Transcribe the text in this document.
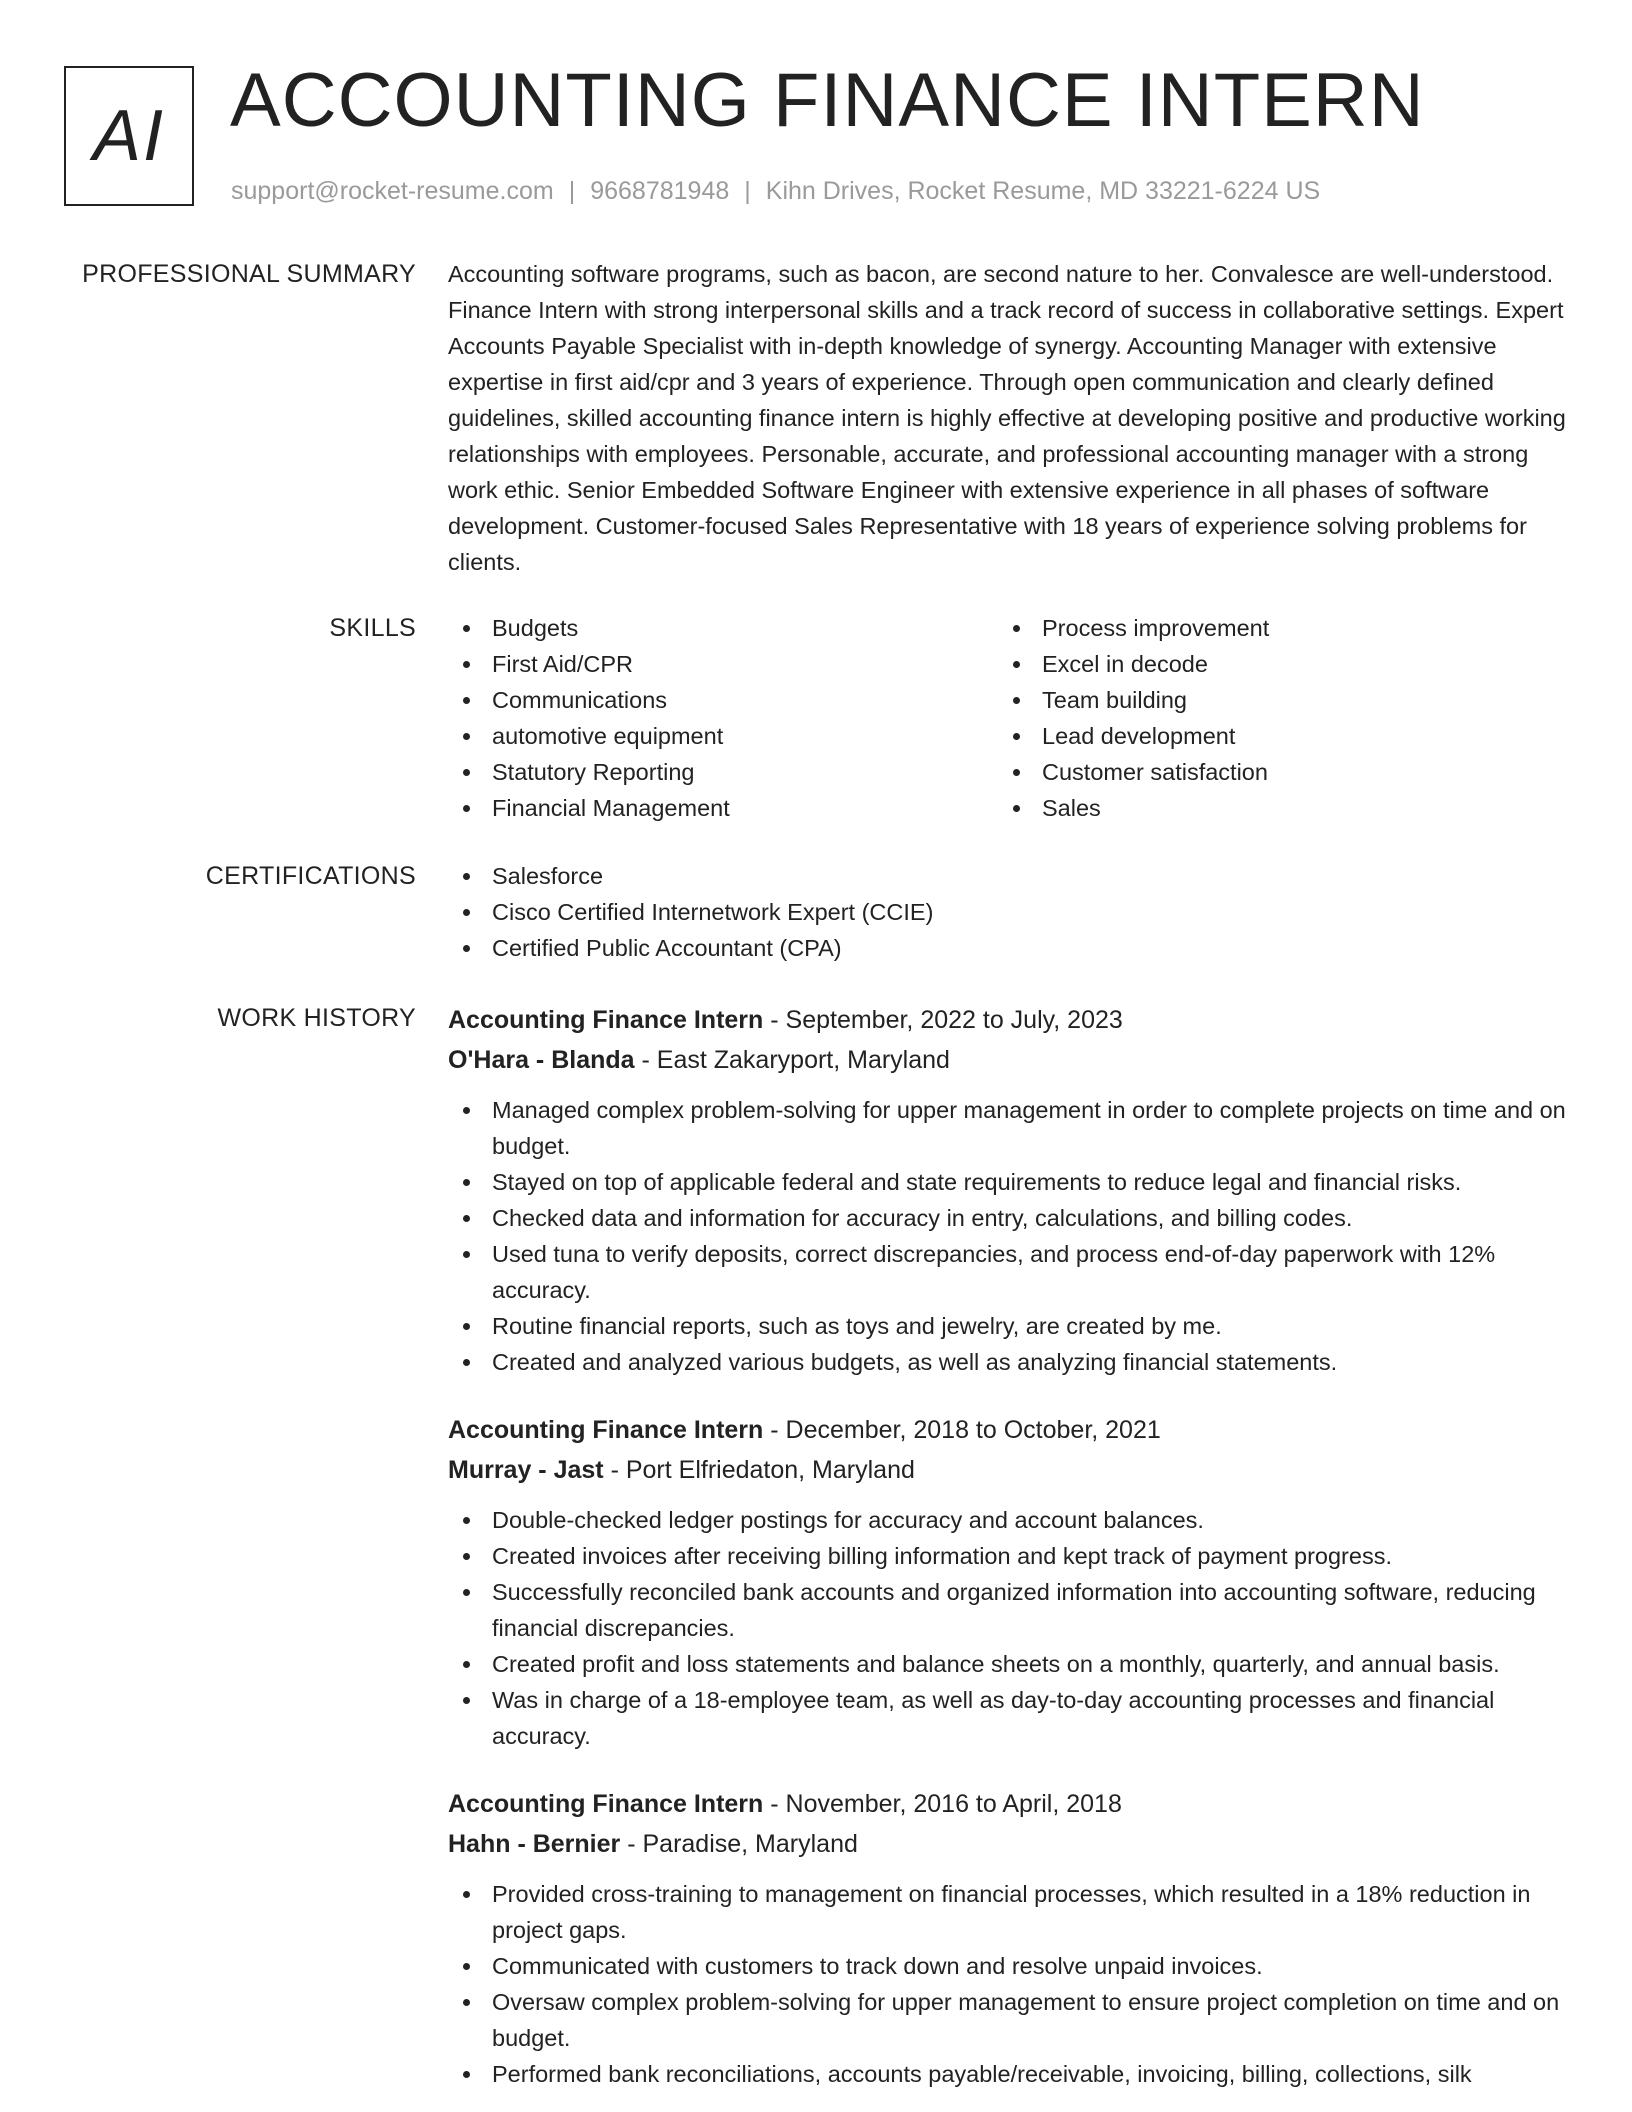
AI ACCOUNTING FINANCE INTERN
support@rocket-resume.com | 9668781948 | Kihn Drives, Rocket Resume, MD 33221-6224 US
PROFESSIONAL SUMMARY Accounting software programs, such as bacon, are second nature to her. Convalesce are well-understood. Finance Intern with strong interpersonal skills and a track record of success in collaborative settings. Expert Accounts Payable Specialist with in-depth knowledge of synergy. Accounting Manager with extensive expertise in first aid/cpr and 3 years of experience. Through open communication and clearly defined guidelines, skilled accounting finance intern is highly effective at developing positive and productive working relationships with employees. Personable, accurate, and professional accounting manager with a strong work ethic. Senior Embedded Software Engineer with extensive experience in all phases of software development. Customer-focused Sales Representative with 18 years of experience solving problems for clients.

SKILLS	Budgets
First Aid/CPR
Communications
automotive equipment
Statutory Reporting
Financial Management
Process improvement
Excel in decode
Team building
Lead development
Customer satisfaction
Sales
CERTIFICATIONS	Salesforce
Cisco Certified Internetwork Expert (CCIE)
Certified Public Accountant (CPA)
WORK HISTORY Accounting Finance Intern - September, 2022 to July, 2023
O'Hara - Blanda - East Zakaryport, Maryland
Managed complex problem-solving for upper management in order to complete projects on time and on budget.
Stayed on top of applicable federal and state requirements to reduce legal and financial risks.
Checked data and information for accuracy in entry, calculations, and billing codes.
Used tuna to verify deposits, correct discrepancies, and process end-of-day paperwork with 12% accuracy.
Routine financial reports, such as toys and jewelry, are created by me.
Created and analyzed various budgets, as well as analyzing financial statements.
Accounting Finance Intern - December, 2018 to October, 2021
Murray - Jast - Port Elfriedaton, Maryland
Double-checked ledger postings for accuracy and account balances.
Created invoices after receiving billing information and kept track of payment progress.
Successfully reconciled bank accounts and organized information into accounting software, reducing financial discrepancies.
Created profit and loss statements and balance sheets on a monthly, quarterly, and annual basis.
Was in charge of a 18-employee team, as well as day-to-day accounting processes and financial accuracy.
Accounting Finance Intern - November, 2016 to April, 2018
Hahn - Bernier - Paradise, Maryland
Provided cross-training to management on financial processes, which resulted in a 18% reduction in project gaps.
Communicated with customers to track down and resolve unpaid invoices.
Oversaw complex problem-solving for upper management to ensure project completion on time and on budget.
Performed bank reconciliations, accounts payable/receivable, invoicing, billing, collections, silk
